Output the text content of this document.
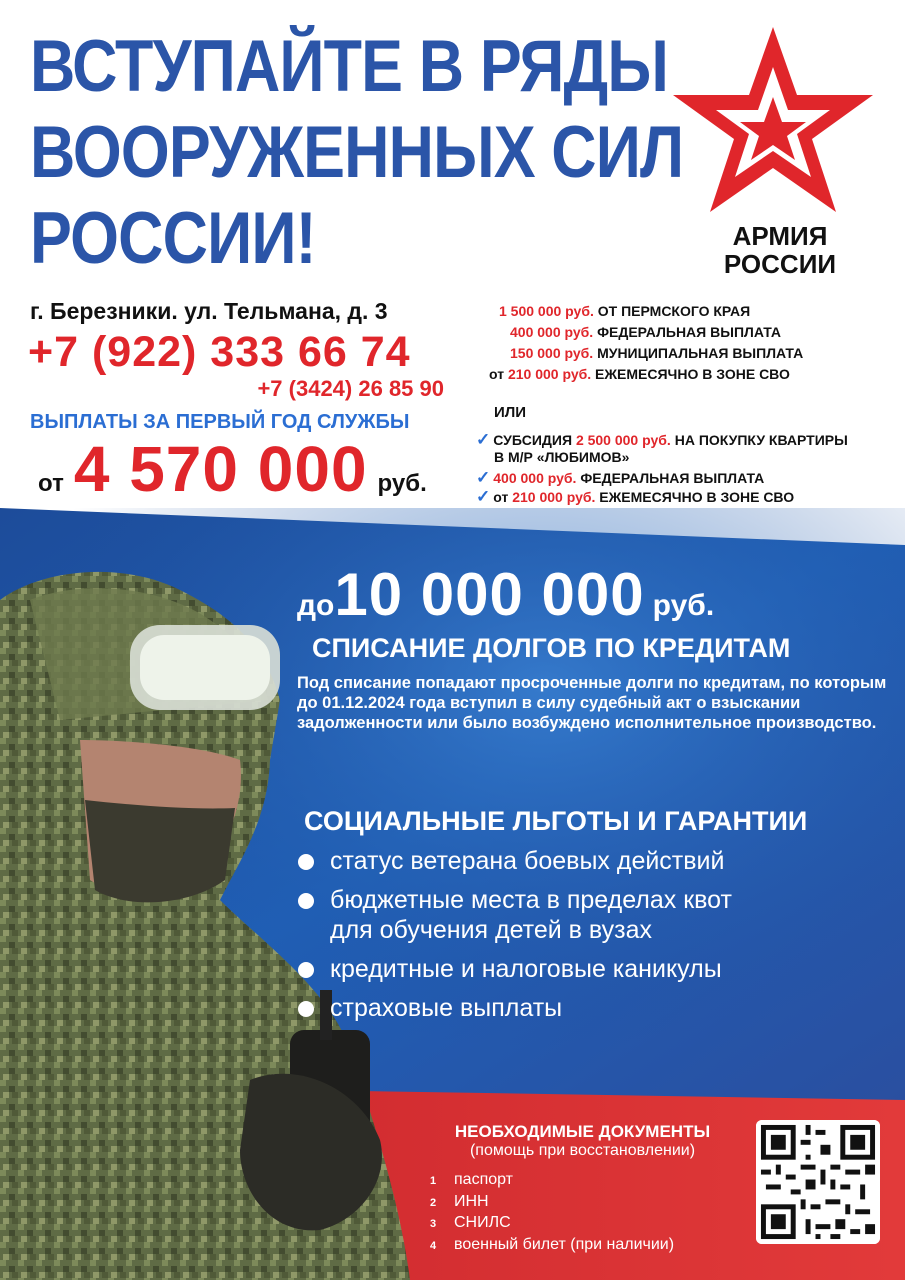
ВСТУПАЙТЕ В РЯДЫ
ВООРУЖЕННЫХ СИЛ
РОССИИ!	АРМИЯ
РОССИИ
г. Березники. ул. Тельмана, д. 3
+7 (922) 333 66 74
+7 (3424) 26 85 90
ВЫПЛАТЫ ЗА ПЕРВЫЙ ГОД СЛУЖБЫ
от 4 570 000 руб.
1 500 000 руб. ОТ ПЕРМСКОГО КРАЯ
400 000 руб. ФЕДЕРАЛЬНАЯ ВЫПЛАТА
150 000 руб. МУНИЦИПАЛЬНАЯ ВЫПЛАТА
от 210 000 руб. ЕЖЕМЕСЯЧНО В ЗОНЕ СВО
ИЛИ
✓ СУБСИДИЯ 2 500 000 руб. НА ПОКУПКУ КВАРТИРЫ
В М/Р «ЛЮБИМОВ»
✓ 400 000 руб. ФЕДЕРАЛЬНАЯ ВЫПЛАТА
✓ от 210 000 руб. ЕЖЕМЕСЯЧНО В ЗОНЕ СВО
до10 000 000 руб.
СПИСАНИЕ ДОЛГОВ ПО КРЕДИТАМ
Под списание попадают просроченные долги по кредитам, по которым до 01.12.2024 года вступил в силу судебный акт о взыскании задолженности или было возбуждено исполнительное производство.
СОЦИАЛЬНЫЕ ЛЬГОТЫ И ГАРАНТИИ
статус ветерана боевых действий
бюджетные места в пределах квот
для обучения детей в вузах
кредитные и налоговые каникулы
страховые выплаты
НЕОБХОДИМЫЕ ДОКУМЕНТЫ
(помощь при восстановлении)
1 паспорт
2 ИНН
3 СНИЛС
4 военный билет (при наличии)
